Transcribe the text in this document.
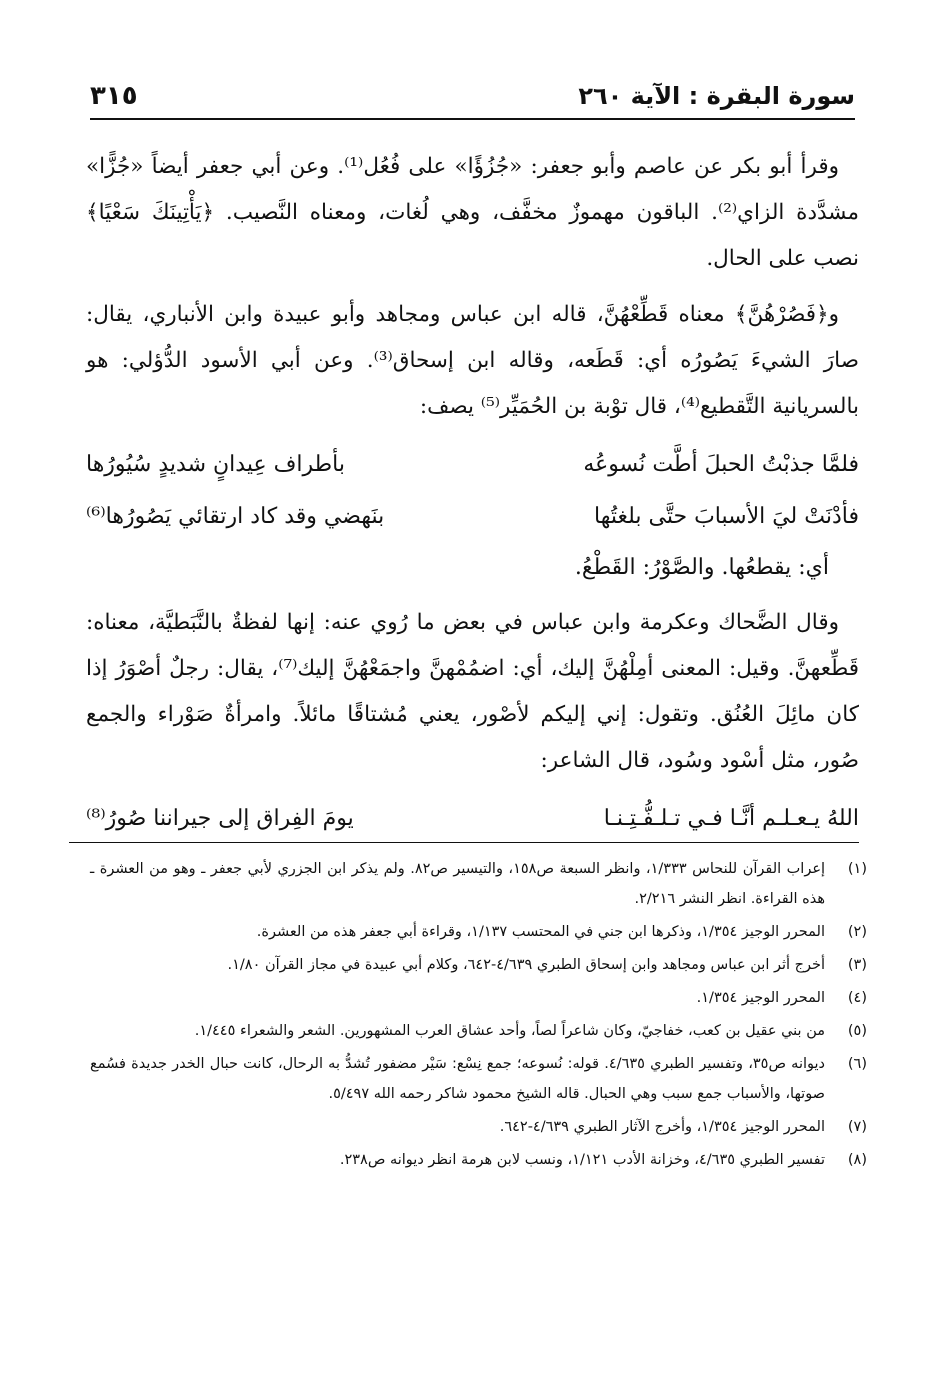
سورة البقرة : الآية ٢٦٠
٣١٥

وقرأ أبو بكر عن عاصم وأبو جعفر: «جُزُؤًا» على فُعُل⁽¹⁾. وعن أبي جعفر أيضاً «جُزًّا» مشدَّدة الزاي⁽²⁾. الباقون مهموزٌ مخفَّف، وهي لُغات، ومعناه النَّصيب. ﴿يَأْتِينَكَ سَعْيًا﴾ نصب على الحال.

و﴿فَصُرْهُنَّ﴾ معناه قَطِّعْهُنَّ، قاله ابن عباس ومجاهد وأبو عبيدة وابن الأنباري، يقال: صارَ الشيءَ يَصُورُه أي: قَطَعه، وقاله ابن إسحاق⁽³⁾. وعن أبي الأسود الدُّؤلي: هو بالسريانية التَّقطيع⁽⁴⁾، قال توْبة بن الحُمَيِّر⁽⁵⁾ يصف:

فلمَّا جذبْتُ الحبلَ أطَّت نُسوعُه
بأطراف عِيدانٍ شديدٍ سُيُورُها
فأدْنَتْ ليَ الأسبابَ حتَّى بلغتُها
بنَهضي وقد كاد ارتقائي يَصُورُها⁽⁶⁾

أي: يقطعُها. والصَّوْرُ: القَطْعُ.

وقال الضَّحاك وعكرمة وابن عباس في بعض ما رُوي عنه: إنها لفظةٌ بالنَّبَطيَّة، معناه: قَطِّعهنَّ. وقيل: المعنى أمِلْهُنَّ إليك، أي: اضمُمْهنَّ واجمَعْهُنَّ إليك⁽⁷⁾، يقال: رجلٌ أصْوَرُ إذا كان مائِلَ العُنُق. وتقول: إني إليكم لأصْور، يعني مُشتاقًا مائلاً. وامرأةٌ صَوْراء والجمع صُور، مثل أسْود وسُود، قال الشاعر:

اللهُ يـعـلـم أنَّـا فـي تـلـفُّـتِـنـا
يومَ الفِراق إلى جيراننا صُورُ⁽⁸⁾
(١)
إعراب القرآن للنحاس ١/٣٣٣، وانظر السبعة ص١٥٨، والتيسير ص٨٢. ولم يذكر ابن الجزري لأبي جعفر ـ وهو من العشرة ـ هذه القراءة. انظر النشر ٢/٢١٦.
(٢)
المحرر الوجيز ١/٣٥٤، وذكرها ابن جني في المحتسب ١/١٣٧، وقراءة أبي جعفر هذه من العشرة.
(٣)
أخرج أثر ابن عباس ومجاهد وابن إسحاق الطبري ٤/٦٣٩-٦٤٢، وكلام أبي عبيدة في مجاز القرآن ١/٨٠.
(٤)
المحرر الوجيز ١/٣٥٤.
(٥)
من بني عقيل بن كعب، خفاجيّ، وكان شاعراً لصاً، وأحد عشاق العرب المشهورين. الشعر والشعراء ١/٤٤٥.
(٦)
ديوانه ص٣٥، وتفسير الطبري ٤/٦٣٥. قوله: نُسوعه؛ جمع نِسْع: سَيْر مضفور تُشدُّ به الرحال، كانت حبال الخدر جديدة فسُمع صوتها، والأسباب جمع سبب وهي الحبال. قاله الشيخ محمود شاكر رحمه الله ٥/٤٩٧.
(٧)
المحرر الوجيز ١/٣٥٤، وأخرج الآثار الطبري ٤/٦٣٩-٦٤٢.
(٨)
تفسير الطبري ٤/٦٣٥، وخزانة الأدب ١/١٢١، ونسب لابن هرمة انظر ديوانه ص٢٣٨.
